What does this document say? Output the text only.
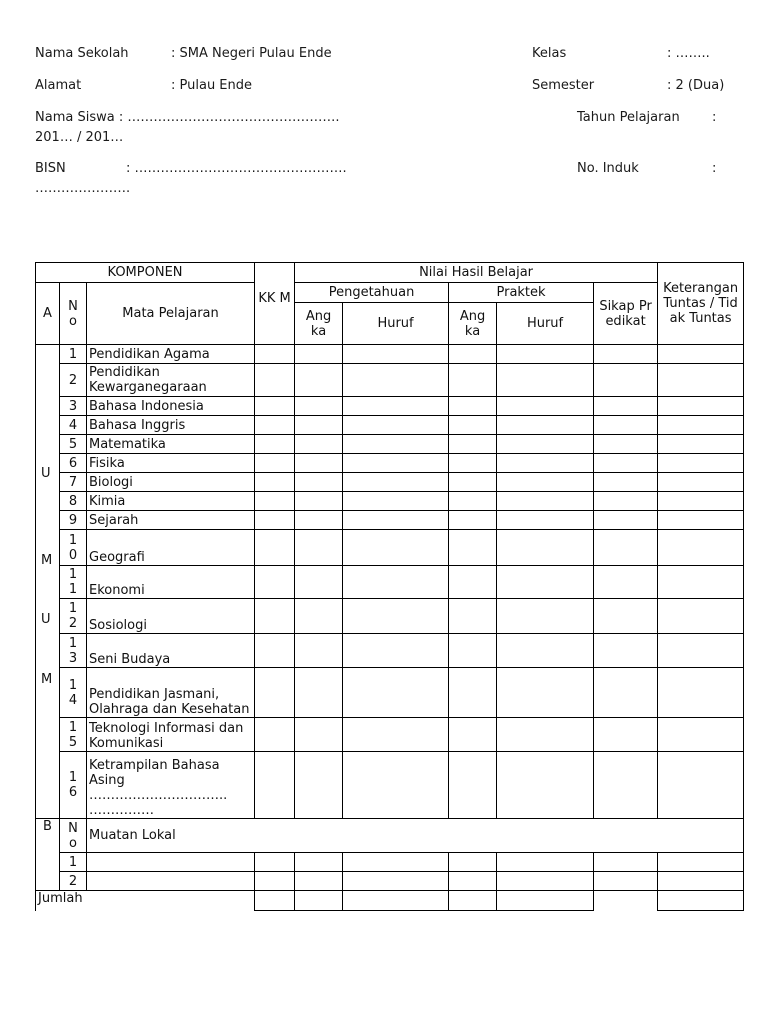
Nama Sekolah	: SMA Negeri Pulau Ende
Alamat	: Pulau Ende
Nama Siswa : ………………………………………….
201… / 201…
BISN	: ………………………………………….
………………….
Kelas	: ……..
Semester	: 2 (Dua)
Tahun Pelajaran :
No. Induk	:
KOMPONEN			KK M	Nilai Hasil Belajar					Keterangan Tuntas / Tidak Tuntas
A	N o	Mata Pelajaran		Pengetahuan		Praktek		Sikap Predikat	
				Ang ka	Huruf	Ang ka	Huruf		
	1	Pendidikan Agama							
	2	Pendidikan Kewarganegaraan							
	3	Bahasa Indonesia							
	4	Bahasa Inggris							
	5	Matematika							
	6	Fisika							
	7	Biologi							
	8	Kimia							
	9	Sejarah							
	10	Geografi							
	11	Ekonomi							
	12	Sosiologi							
	13	Seni Budaya							
	14	Pendidikan Jasmani, Olahraga dan Kesehatan							
	15	Teknologi Informasi dan Komunikasi							
	16	Ketrampilan Bahasa Asing ………………………….. ……………							
B	N o	Muatan Lokal							
	1								
	2								
Jumlah									
U
M
U
M
